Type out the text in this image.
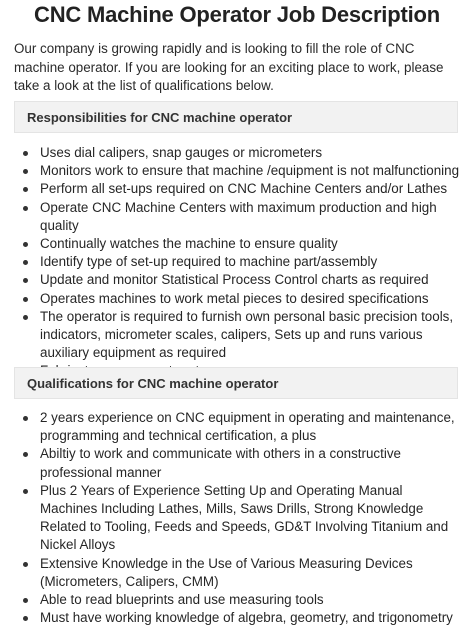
CNC Machine Operator Job Description

Our company is growing rapidly and is looking to fill the role of CNC machine operator. If you are looking for an exciting place to work, please take a look at the list of qualifications below.

Responsibilities for CNC machine operator
Uses dial calipers, snap gauges or micrometers
Monitors work to ensure that machine /equipment is not malfunctioning
Perform all set-ups required on CNC Machine Centers and/or Lathes
Operate CNC Machine Centers with maximum production and high quality
Continually watches the machine to ensure quality
Identify type of set-up required to machine part/assembly
Update and monitor Statistical Process Control charts as required
Operates machines to work metal pieces to desired specifications
The operator is required to furnish own personal basic precision tools, indicators, micrometer scales, calipers, Sets up and runs various auxiliary equipment as required
Qualifications for CNC machine operator
2 years experience on CNC equipment in operating and maintenance, programming and technical certification, a plus
Abiltiy to work and communicate with others in a constructive professional manner
Plus 2 Years of Experience Setting Up and Operating Manual Machines Including Lathes, Mills, Saws Drills, Strong Knowledge Related to Tooling, Feeds and Speeds, GD&T Involving Titanium and Nickel Alloys
Extensive Knowledge in the Use of Various Measuring Devices (Micrometers, Calipers, CMM)
Able to read blueprints and use measuring tools
Must have working knowledge of algebra, geometry, and trigonometry
